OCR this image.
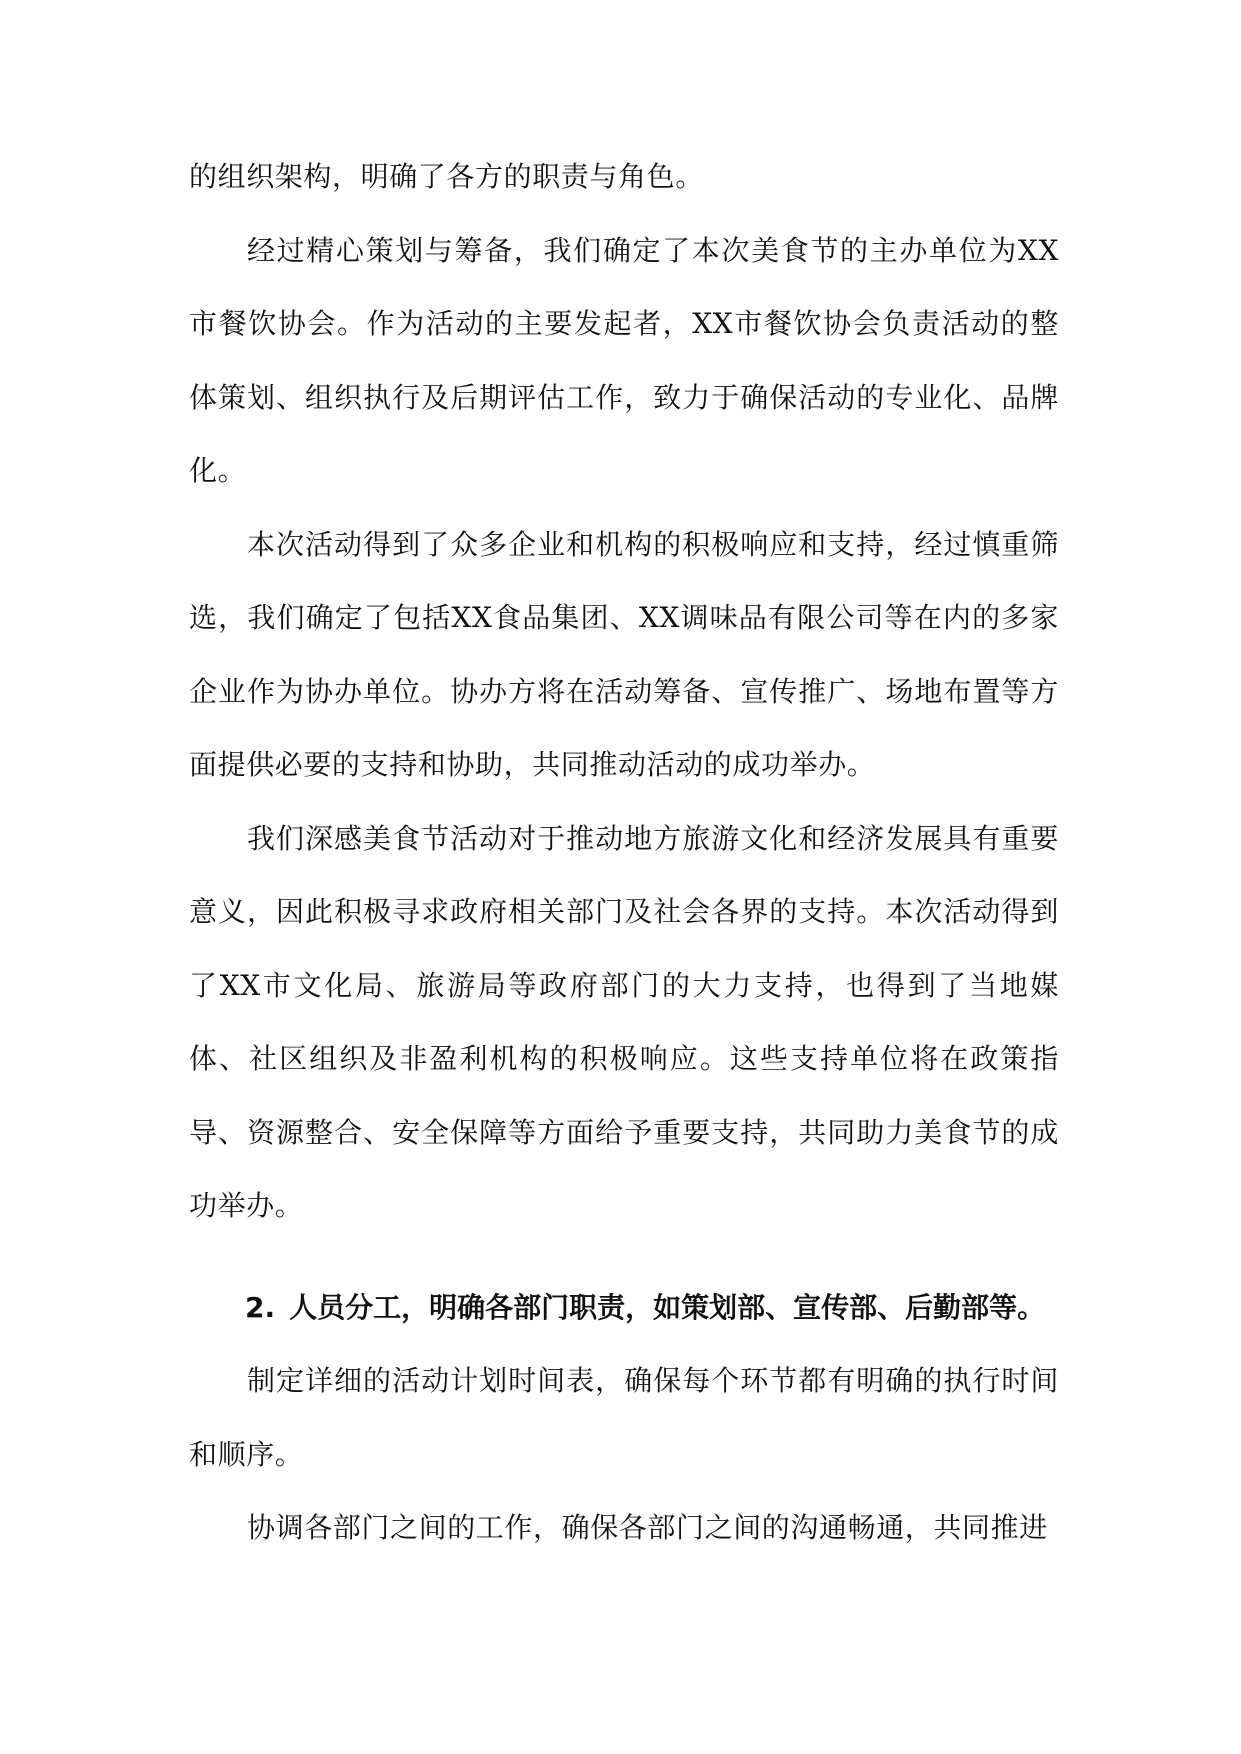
的组织架构，明确了各方的职责与角色。

经过精心策划与筹备，我们确定了本次美食节的主办单位为XX市餐饮协会。作为活动的主要发起者，XX市餐饮协会负责活动的整体策划、组织执行及后期评估工作，致力于确保活动的专业化、品牌化。

本次活动得到了众多企业和机构的积极响应和支持，经过慎重筛选，我们确定了包括XX食品集团、XX调味品有限公司等在内的多家企业作为协办单位。协办方将在活动筹备、宣传推广、场地布置等方面提供必要的支持和协助，共同推动活动的成功举办。

我们深感美食节活动对于推动地方旅游文化和经济发展具有重要意义，因此积极寻求政府相关部门及社会各界的支持。本次活动得到了XX市文化局、旅游局等政府部门的大力支持，也得到了当地媒体、社区组织及非盈利机构的积极响应。这些支持单位将在政策指导、资源整合、安全保障等方面给予重要支持，共同助力美食节的成功举办。

2. 人员分工，明确各部门职责，如策划部、宣传部、后勤部等。

制定详细的活动计划时间表，确保每个环节都有明确的执行时间和顺序。

协调各部门之间的工作，确保各部门之间的沟通畅通，共同推进
